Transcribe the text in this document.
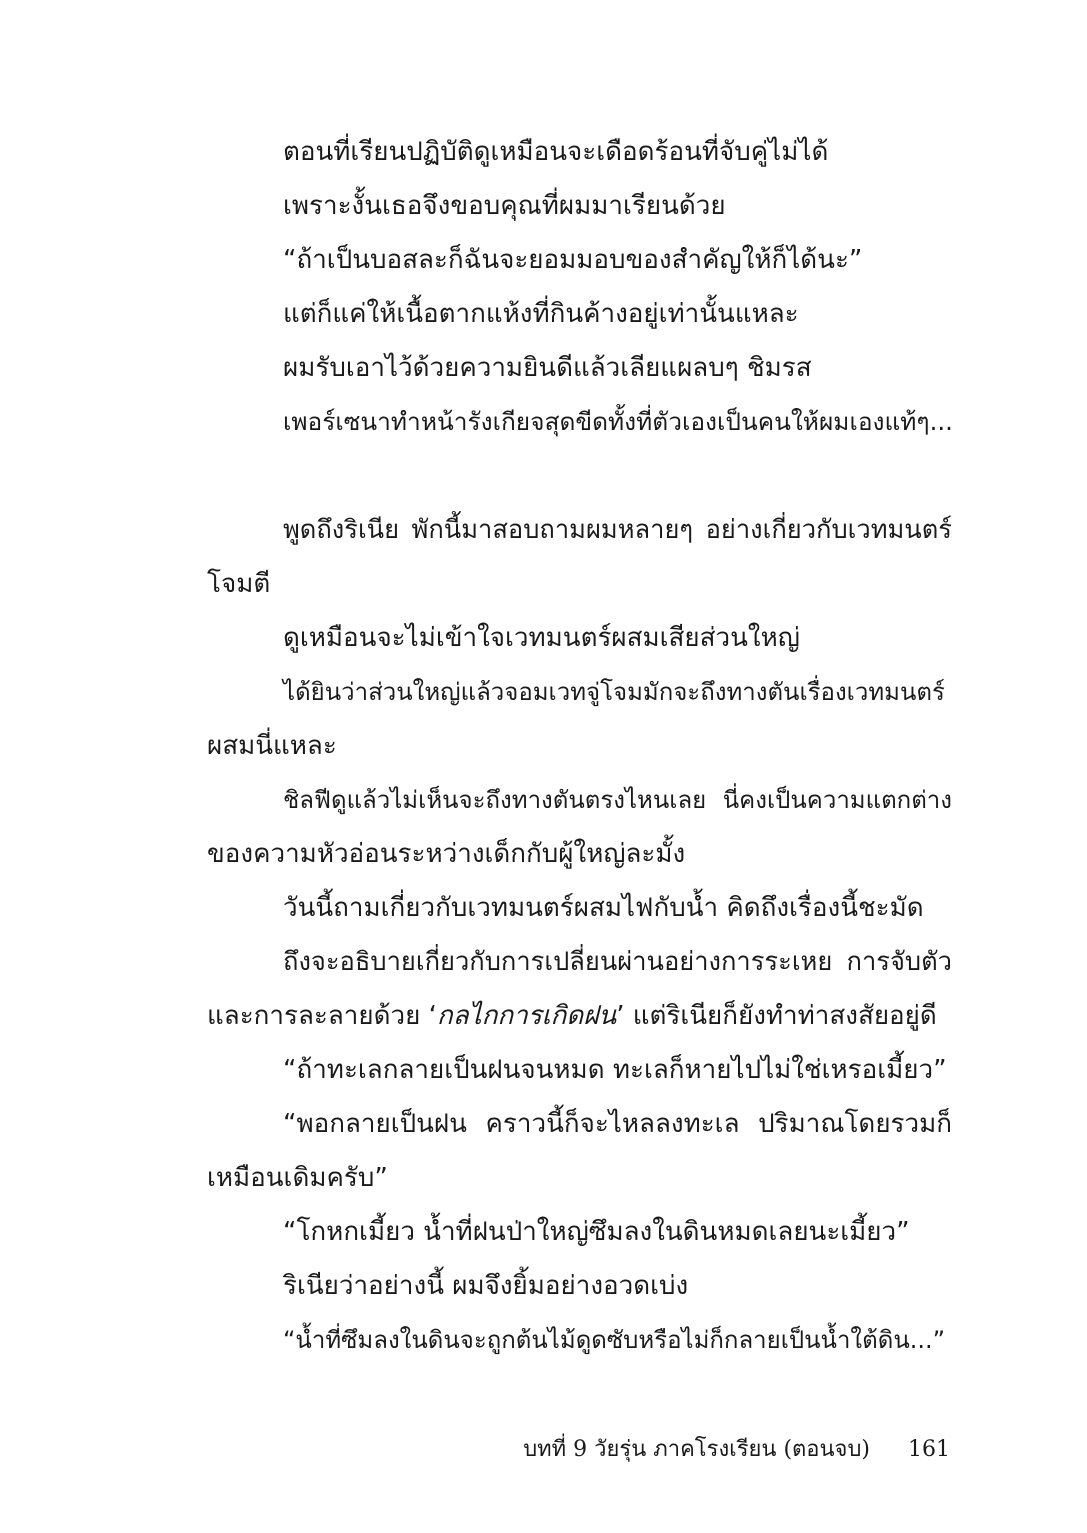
ตอนที่เรียนปฏิบัติดูเหมือนจะเดือดร้อนที่จับคู่ไม่ได้
เพราะงั้นเธอจึงขอบคุณที่ผมมาเรียนด้วย
“ถ้าเป็นบอสละก็ฉันจะยอมมอบของสำคัญให้ก็ได้นะ”
แต่ก็แค่ให้เนื้อตากแห้งที่กินค้างอยู่เท่านั้นแหละ
ผมรับเอาไว้ด้วยความยินดีแล้วเลียแผลบๆ ชิมรส
เพอร์เซนาทำหน้ารังเกียจสุดขีดทั้งที่ตัวเองเป็นคนให้ผมเองแท้ๆ...
พูดถึงริเนีย พักนี้มาสอบถามผมหลายๆ อย่างเกี่ยวกับเวทมนตร์
โจมตี
ดูเหมือนจะไม่เข้าใจเวทมนตร์ผสมเสียส่วนใหญ่
ได้ยินว่าส่วนใหญ่แล้วจอมเวทจู่โจมมักจะถึงทางตันเรื่องเวทมนตร์
ผสมนี่แหละ
ชิลฟีดูแล้วไม่เห็นจะถึงทางตันตรงไหนเลย นี่คงเป็นความแตกต่าง
ของความหัวอ่อนระหว่างเด็กกับผู้ใหญ่ละมั้ง
วันนี้ถามเกี่ยวกับเวทมนตร์ผสมไฟกับน้ำ คิดถึงเรื่องนี้ชะมัด
ถึงจะอธิบายเกี่ยวกับการเปลี่ยนผ่านอย่างการระเหย การจับตัว
และการละลายด้วย ‘กลไกการเกิดฝน’ แต่ริเนียก็ยังทำท่าสงสัยอยู่ดี
“ถ้าทะเลกลายเป็นฝนจนหมด ทะเลก็หายไปไม่ใช่เหรอเมี้ยว”
“พอกลายเป็นฝน คราวนี้ก็จะไหลลงทะเล ปริมาณโดยรวมก็
เหมือนเดิมครับ”
“โกหกเมี้ยว น้ำที่ฝนป่าใหญ่ซึมลงในดินหมดเลยนะเมี้ยว”
ริเนียว่าอย่างนี้ ผมจึงยิ้มอย่างอวดเบ่ง
“น้ำที่ซึมลงในดินจะถูกต้นไม้ดูดซับหรือไม่ก็กลายเป็นน้ำใต้ดิน...”
บทที่ 9 วัยรุ่น ภาคโรงเรียน (ตอนจบ) 161
